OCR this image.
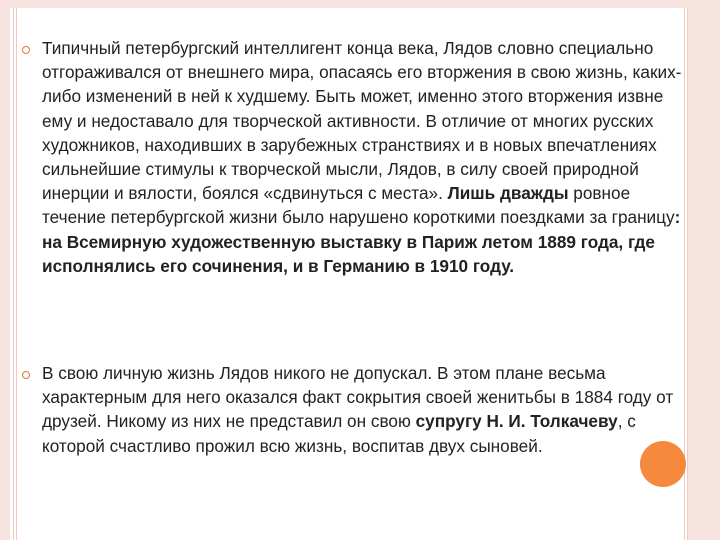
Типичный петербургский интеллигент конца века, Лядов словно специально отгораживался от внешнего мира, опасаясь его вторжения в свою жизнь, каких-либо изменений в ней к худшему. Быть может, именно этого вторжения извне ему и недоставало для творческой активности. В отличие от многих русских художников, находивших в зарубежных странствиях и в новых впечатлениях сильнейшие стимулы к творческой мысли, Лядов, в силу своей природной инерции и вялости, боялся «сдвинуться с места». Лишь дважды ровное течение петербургской жизни было нарушено короткими поездками за границу: на Всемирную художественную выставку в Париж летом 1889 года, где исполнялись его сочинения, и в Германию в 1910 году.

В свою личную жизнь Лядов никого не допускал. В этом плане весьма характерным для него оказался факт сокрытия своей женитьбы в 1884 году от друзей. Никому из них не представил он свою супругу Н. И. Толкачеву, с которой счастливо прожил всю жизнь, воспитав двух сыновей.
